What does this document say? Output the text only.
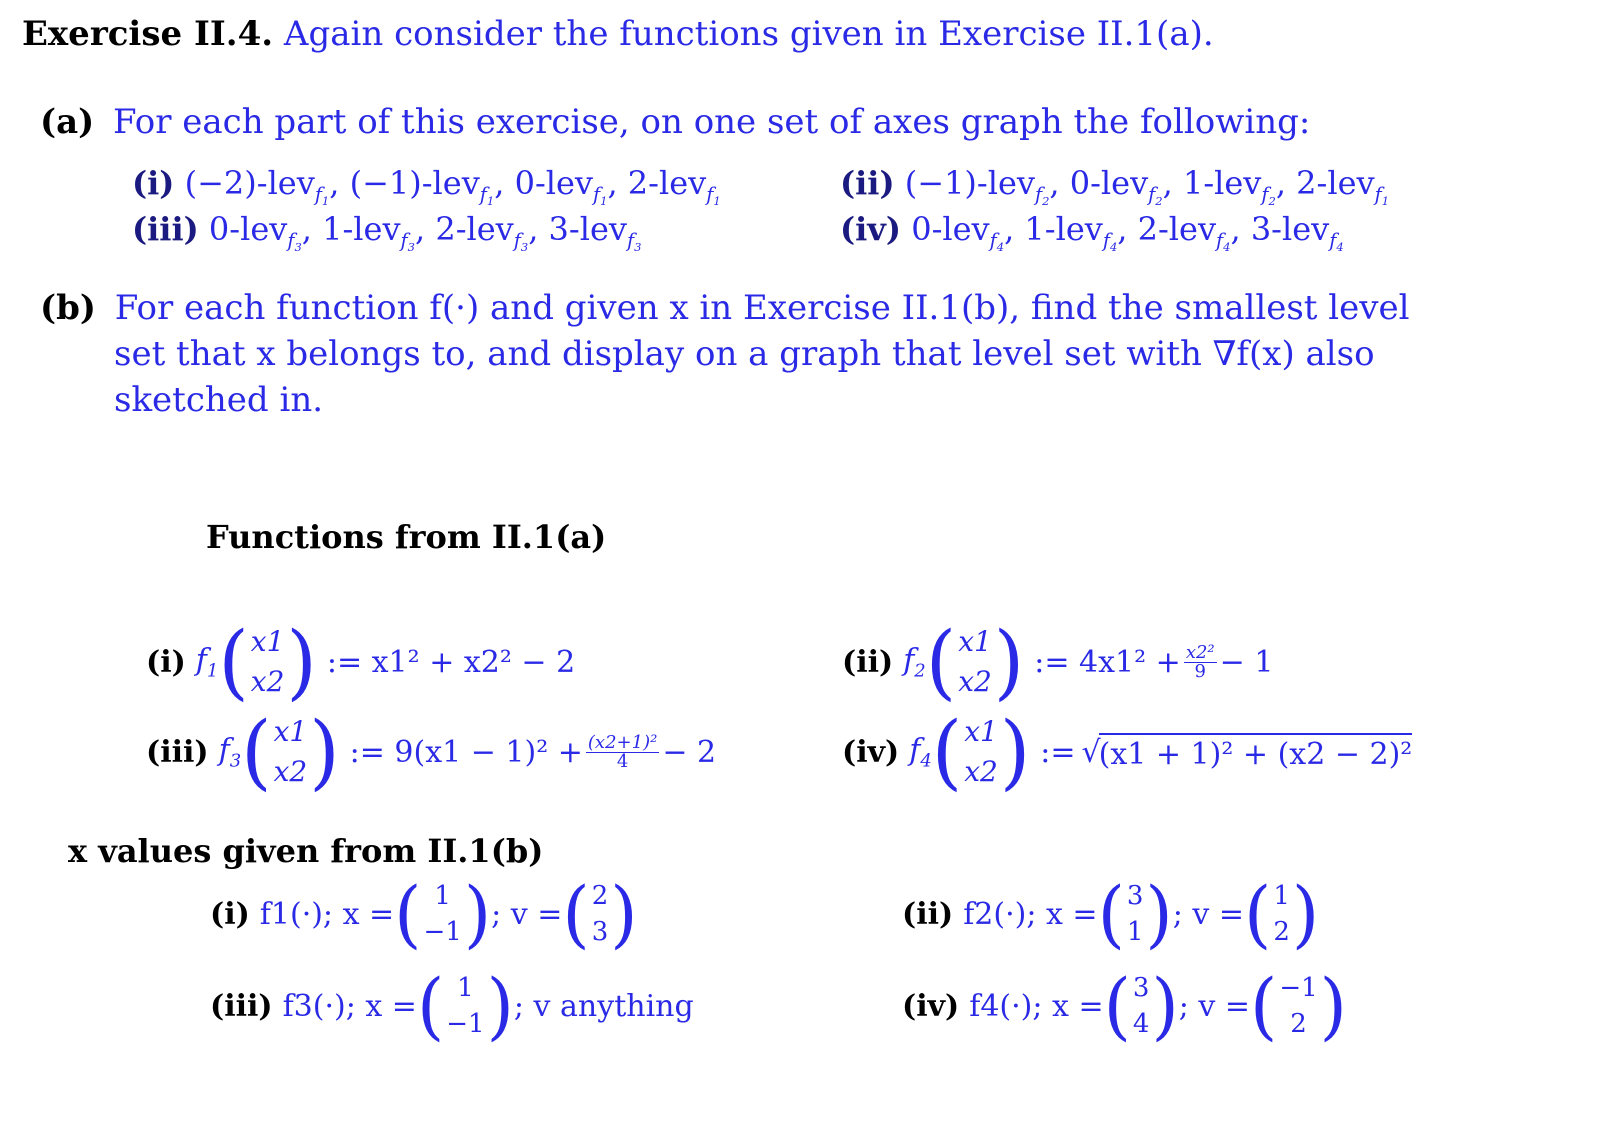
Exercise II.4. Again consider the functions given in Exercise II.1(a).
(a) For each part of this exercise, on one set of axes graph the following:
(i) (−2)-lev$_{f_1}$, (−1)-lev$_{f_1}$, 0-lev$_{f_1}$, 2-lev$_{f_1}$	(ii) (−1)-lev$_{f_2}$, 0-lev$_{f_2}$, 1-lev$_{f_2}$, 2-lev$_{f_1}$
(iii) 0-lev$_{f_3}$, 1-lev$_{f_3}$, 2-lev$_{f_3}$, 3-lev$_{f_3}$	(iv) 0-lev$_{f_4}$, 1-lev$_{f_4}$, 2-lev$_{f_4}$, 3-lev$_{f_4}$
(b) For each function f(·) and given x in Exercise II.1(b), find the smallest level
set that x belongs to, and display on a graph that level set with ∇f(x) also
sketched in.
Functions from II.1(a)
(i) $f_1$ ( x1
x2 ) := x1² + x2² − 2	(ii) $f_2$ ( x1
x2 ) := $4x1^2 + \frac{\text{x2²}}{9} - 1$
(iii) $f_3$ ( x1
x2 ) := $9(x1 - 1)^2 + \frac{\text{(x2+1)²}}{4} - 2$	(iv) $f_4$ ( x1
x2 ) := √
(x1 + 1)² + (x2 − 2)²
x values given from II.1(b)
(i) f1(·); x = ( 1
−1 ) ; v = ( 2
3 )	(ii) f2(·); x = ( 3
1 ) ; v = ( 1
2 )
(iii) f3(·); x = ( 1
−1 ) ; v anything	(iv) f4(·); x = ( 3
4 ) ; v = ( −1
2 )
